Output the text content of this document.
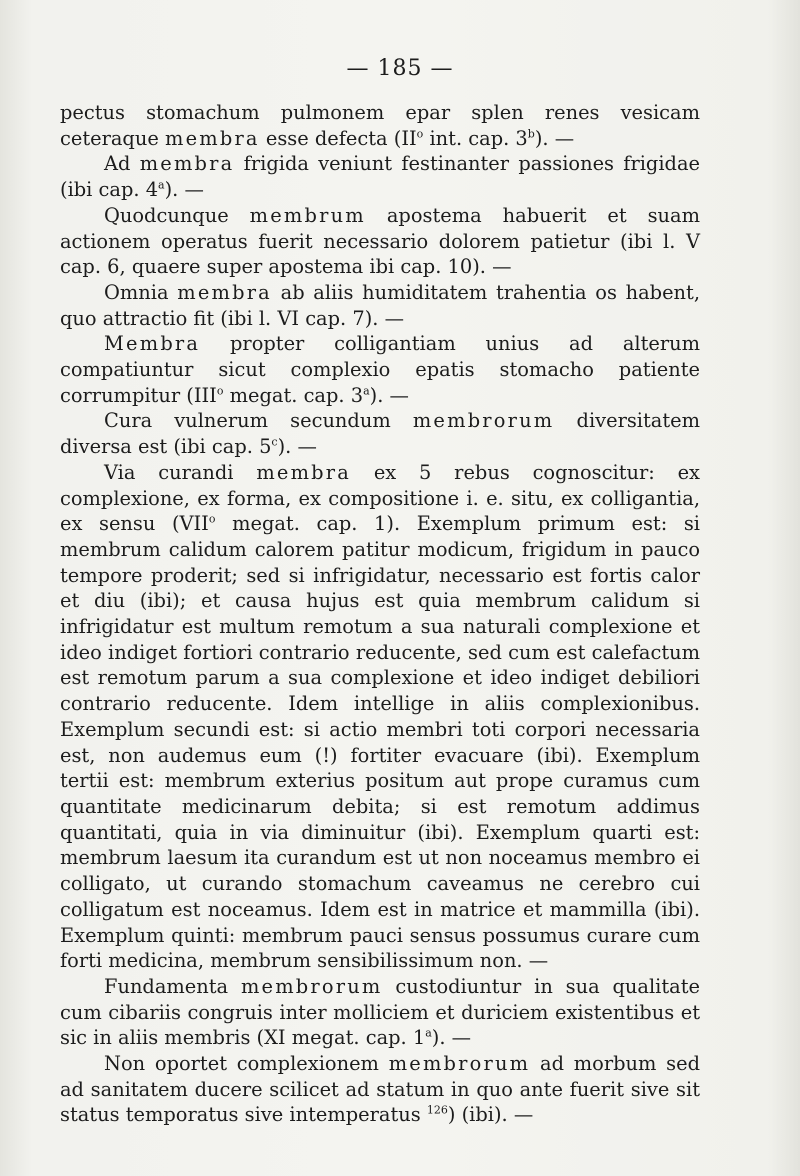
— 185 —

pectus stomachum pulmonem epar splen renes vesicam ceteraque membra esse defecta ($II^o$ int. cap. 3$^b$). —

Ad membra frigida veniunt festinanter passiones frigidae (ibi cap. 4$^a$). —

Quodcunque membrum apostema habuerit et suam actionem operatus fuerit necessario dolorem patietur (ibi l. V cap. 6, quaere super apostema ibi cap. 10). —

Omnia membra ab aliis humiditatem trahentia os habent, quo attractio fit (ibi l. VI cap. 7). —

Membra propter colligantiam unius ad alterum compatiuntur sicut complexio epatis stomacho patiente corrumpitur (III$^o$ megat. cap. 3$^a$). —

Cura vulnerum secundum membrorum diversitatem diversa est (ibi cap. 5$^c$). —

Via curandi membra ex 5 rebus cognoscitur: ex complexione, ex forma, ex compositione i. e. situ, ex colligantia, ex sensu (VII$^o$ megat. cap. 1). Exemplum primum est: si membrum calidum calorem patitur modicum, frigidum in pauco tempore proderit; sed si infrigidatur, necessario est fortis calor et diu (ibi); et causa hujus est quia membrum calidum si infrigidatur est multum remotum a sua naturali complexione et ideo indiget fortiori contrario reducente, sed cum est calefactum est remotum parum a sua complexione et ideo indiget debiliori contrario reducente. Idem intellige in aliis complexionibus. Exemplum secundi est: si actio membri toti corpori necessaria est, non audemus eum (!) fortiter evacuare (ibi). Exemplum tertii est: membrum exterius positum aut prope curamus cum quantitate medicinarum debita; si est remotum addimus quantitati, quia in via diminuitur (ibi). Exemplum quarti est: membrum laesum ita curandum est ut non noceamus membro ei colligato, ut curando stomachum caveamus ne cerebro cui colligatum est noceamus. Idem est in matrice et mammilla (ibi). Exemplum quinti: membrum pauci sensus possumus curare cum forti medicina, membrum sensibilissimum non. —

Fundamenta membrorum custodiuntur in sua qualitate cum cibariis congruis inter molliciem et duriciem existentibus et sic in aliis membris (XI megat. cap. 1$^a$). —

Non oportet complexionem membrorum ad morbum sed ad sanitatem ducere scilicet ad statum in quo ante fuerit sive sit status temporatus sive intemperatus $^{126}$) (ibi). —
